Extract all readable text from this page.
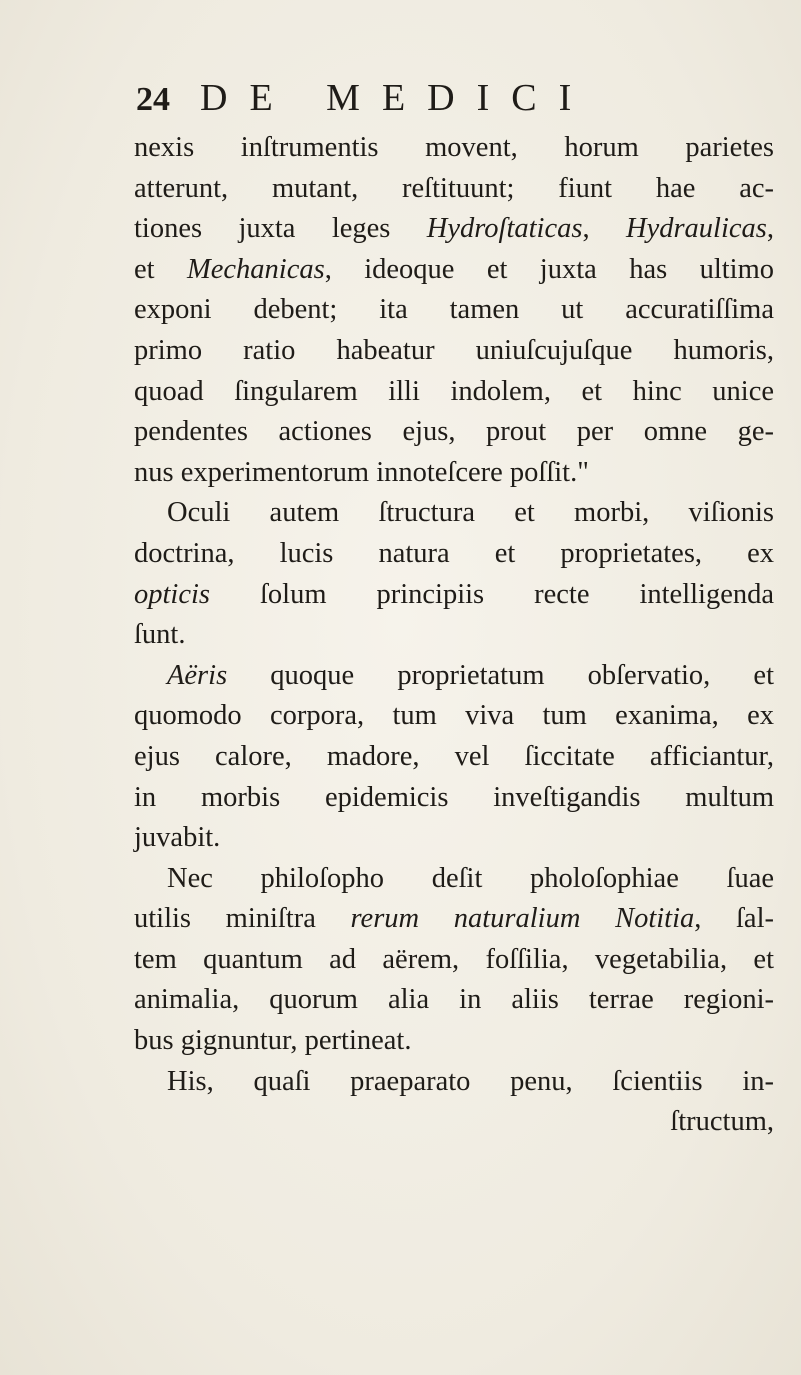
24 DE MEDICI
nexis inſtrumentis movent, horum parietes
atterunt, mutant, reſtituunt; fiunt hae ac-
tiones juxta leges Hydroſtaticas, Hydraulicas,
et Mechanicas, ideoque et juxta has ultimo
exponi debent; ita tamen ut accuratiſſima
primo ratio habeatur uniuſcujuſque humoris,
quoad ſingularem illi indolem, et hinc unice
pendentes actiones ejus, prout per omne ge-
nus experimentorum innoteſcere poſſit."
Oculi autem ſtructura et morbi, viſionis
doctrina, lucis natura et proprietates, ex
opticis ſolum principiis recte intelligenda
ſunt.
Aëris quoque proprietatum obſervatio, et
quomodo corpora, tum viva tum exanima, ex
ejus calore, madore, vel ſiccitate afficiantur,
in morbis epidemicis inveſtigandis multum
juvabit.
Nec philoſopho deſit pholoſophiae ſuae
utilis miniſtra rerum naturalium Notitia, ſal-
tem quantum ad aërem, foſſilia, vegetabilia, et
animalia, quorum alia in aliis terrae regioni-
bus gignuntur, pertineat.
His, quaſi praeparato penu, ſcientiis in-
ſtructum,
